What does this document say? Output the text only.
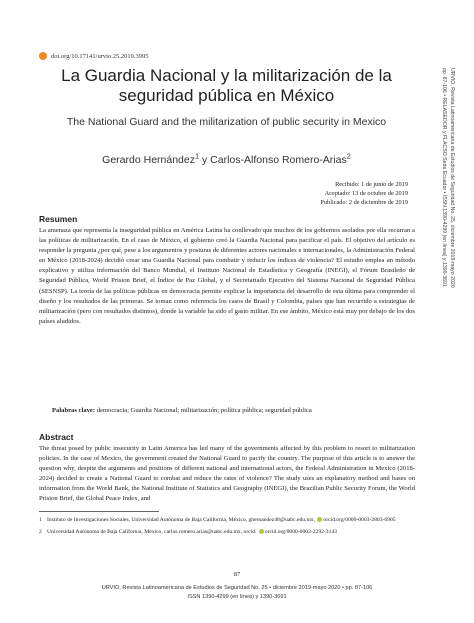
doi.org/10.17141/urvio.25.2019.3995
La Guardia Nacional y la militarización de la seguridad pública en México
The National Guard and the militarization of public security in Mexico
Gerardo Hernández$^1$ y Carlos-Alfonso Romero-Arias$^2$
Recibido: 1 de junio de 2019
Aceptado: 13 de octubre de 2019
Publicado: 2 de diciembre de 2019
Resumen

La amenaza que representa la inseguridad pública en América Latina ha conllevado que muchos de los gobiernos asolados por ella recurran a las políticas de militarización. En el caso de México, el gobierno creó la Guardia Nacional para pacificar el país. El objetivo del artículo es responder la pregunta ¿por qué, pese a los argumentos y posturas de diferentes actores nacionales e internacionales, la Administración Federal en México (2018-2024) decidió crear una Guardia Nacional para combatir y reducir los índices de violencia? El estudio emplea un método explicativo y utiliza información del Banco Mundial, el Instituto Nacional de Estadística y Geografía (INEGI), el Fórum Brasileño de Seguridad Pública, World Prision Brief, el Índice de Paz Global, y el Secretariado Ejecutivo del Sistema Nacional de Seguridad Pública (SESNSP). La teoría de las políticas públicas en democracia permite explicar la importancia del desarrollo de esta última para comprender el diseño y los resultados de las primeras. Se toman como referencia los casos de Brasil y Colombia, países que han recurrido a estrategias de militarización (pero con resultados distintos), donde la variable ha sido el gasto militar. En ese ámbito, México está muy por debajo de los dos países aludidos.

Palabras clave: democracia; Guardia Nacional; militarización; política pública; seguridad pública
Abstract

The threat posed by public insecurity in Latin America has led many of the governments affected by this problem to resort to militarization policies. In the case of Mexico, the government created the National Guard to pacify the country. The purpose of this article is to answer the question why, despite the arguments and positions of different national and international actors, the Federal Administration in Mexico (2018-2024) decided to create a National Guard to combat and reduce the rates of violence? The study uses an explanatory method and bases on information from the World Bank, the National Institute of Statistics and Geography (INEGI), the Brazilian Public Security Forum, the World Prision Brief, the Global Peace Index, and

1 Instituto de Investigaciones Sociales, Universidad Autónoma de Baja California, México, ghernandez48@uabc.edu.mx, orcid.org/0000-0003-2803-6905
2 Universidad Autónoma de Baja California, México, carlos.romero.arias@uabc.edu.mx, orcid. orcid.org/0000-0002-2292-3143
87
URVIO, Revista Latinoamericana de Estudios de Seguridad No. 25 • diciembre 2019-mayo 2020 • pp. 87-106
ISSN 1390-4299 (en línea) y 1390-3691
URVIO, Revista Latinoamericana de Estudios de Seguridad No. 25, diciembre 2019-mayo 2020
pp. 87-106 • RELASEDOR y FLACSO Sede Ecuador • ISSN 1390-4299 (en línea) y 1390-3691
